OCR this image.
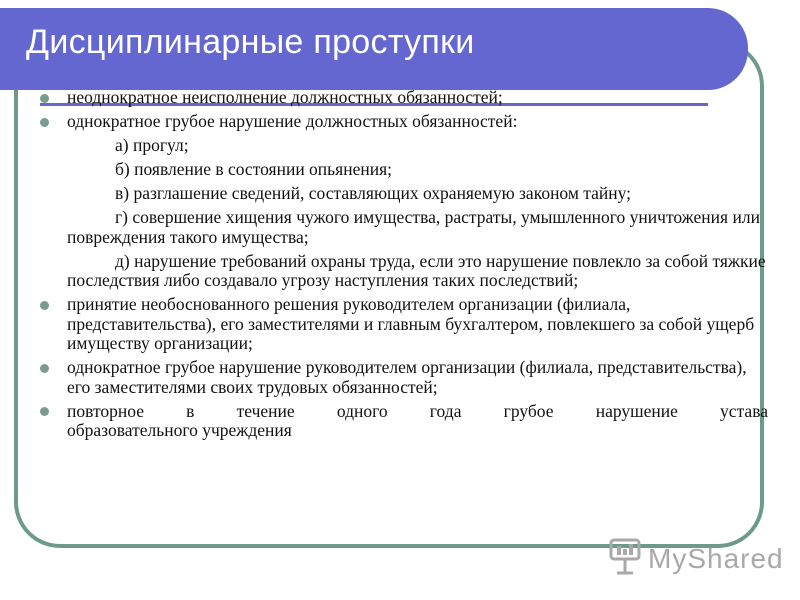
Дисциплинарные проступки

неоднократное неисполнение должностных обязанностей;

однократное грубое нарушение должностных обязанностей:

а) прогул;

б) появление в состоянии опьянения;

в) разглашение сведений, составляющих охраняемую законом тайну;

г) совершение хищения чужого имущества, растраты, умышленного уничтожения или повреждения такого имущества;

д) нарушение требований охраны труда, если это нарушение повлекло за собой тяжкие последствия либо создавало угрозу наступления таких последствий;

принятие необоснованного решения руководителем организации (филиала, представительства), его заместителями и главным бухгалтером, повлекшего за собой ущерб имуществу организации;

однократное грубое нарушение руководителем организации (филиала, представительства), его заместителями своих трудовых обязанностей;

повторное в течение одного года грубое нарушение устава
образовательного учреждения

MyShared
